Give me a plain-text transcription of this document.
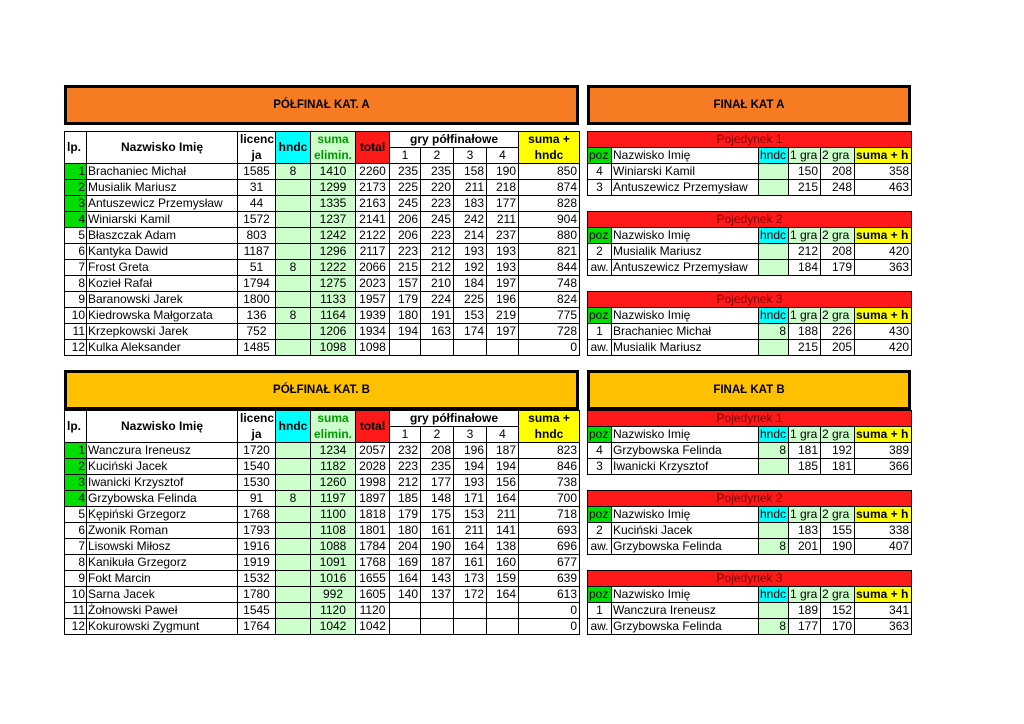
PÓŁFINAŁ KAT. A
lp.	Nazwisko Imię	licenc	hndc	suma	total	gry półfinałowe				suma +
		ja		elimin.		1	2	3	4	hndc
1	Brachaniec Michał	1585	8	1410	2260	235	235	158	190	850
2	Musialik Mariusz	31		1299	2173	225	220	211	218	874
3	Antuszewicz Przemysław	44		1335	2163	245	223	183	177	828
4	Winiarski Kamil	1572		1237	2141	206	245	242	211	904
5	Błaszczak Adam	803		1242	2122	206	223	214	237	880
6	Kantyka Dawid	1187		1296	2117	223	212	193	193	821
7	Frost Greta	51	8	1222	2066	215	212	192	193	844
8	Kozieł Rafał	1794		1275	2023	157	210	184	197	748
9	Baranowski Jarek	1800		1133	1957	179	224	225	196	824
10	Kiedrowska Małgorzata	136	8	1164	1939	180	191	153	219	775
11	Krzepkowski Jarek	752		1206	1934	194	163	174	197	728
12	Kulka Aleksander	1485		1098	1098					0
FINAŁ KAT A
Pojedynek 1					
poz	Nazwisko Imię	hndc	1 gra	2 gra	suma + h
4	Winiarski Kamil		150	208	358
3	Antuszewicz Przemysław		215	248	463

Pojedynek 2					
poz	Nazwisko Imię	hndc	1 gra	2 gra	suma + h
2	Musialik Mariusz		212	208	420
aw.	Antuszewicz Przemysław		184	179	363

Pojedynek 3					
poz	Nazwisko Imię	hndc	1 gra	2 gra	suma + h
1	Brachaniec Michał	8	188	226	430
aw.	Musialik Mariusz		215	205	420
PÓŁFINAŁ KAT. B
lp.	Nazwisko Imię	licenc	hndc	suma	total	gry półfinałowe				suma +
		ja		elimin.		1	2	3	4	hndc
1	Wanczura Ireneusz	1720		1234	2057	232	208	196	187	823
2	Kuciński Jacek	1540		1182	2028	223	235	194	194	846
3	Iwanicki Krzysztof	1530		1260	1998	212	177	193	156	738
4	Grzybowska Felinda	91	8	1197	1897	185	148	171	164	700
5	Kępiński Grzegorz	1768		1100	1818	179	175	153	211	718
6	Zwonik Roman	1793		1108	1801	180	161	211	141	693
7	Lisowski Miłosz	1916		1088	1784	204	190	164	138	696
8	Kanikuła Grzegorz	1919		1091	1768	169	187	161	160	677
9	Fokt Marcin	1532		1016	1655	164	143	173	159	639
10	Sarna Jacek	1780		992	1605	140	137	172	164	613
11	Żołnowski Paweł	1545		1120	1120					0
12	Kokurowski Zygmunt	1764		1042	1042					0
FINAŁ KAT B
Pojedynek 1					
poz	Nazwisko Imię	hndc	1 gra	2 gra	suma + h
4	Grzybowska Felinda	8	181	192	389
3	Iwanicki Krzysztof		185	181	366

Pojedynek 2					
poz	Nazwisko Imię	hndc	1 gra	2 gra	suma + h
2	Kuciński Jacek		183	155	338
aw.	Grzybowska Felinda	8	201	190	407

Pojedynek 3					
poz	Nazwisko Imię	hndc	1 gra	2 gra	suma + h
1	Wanczura Ireneusz		189	152	341
aw.	Grzybowska Felinda	8	177	170	363
